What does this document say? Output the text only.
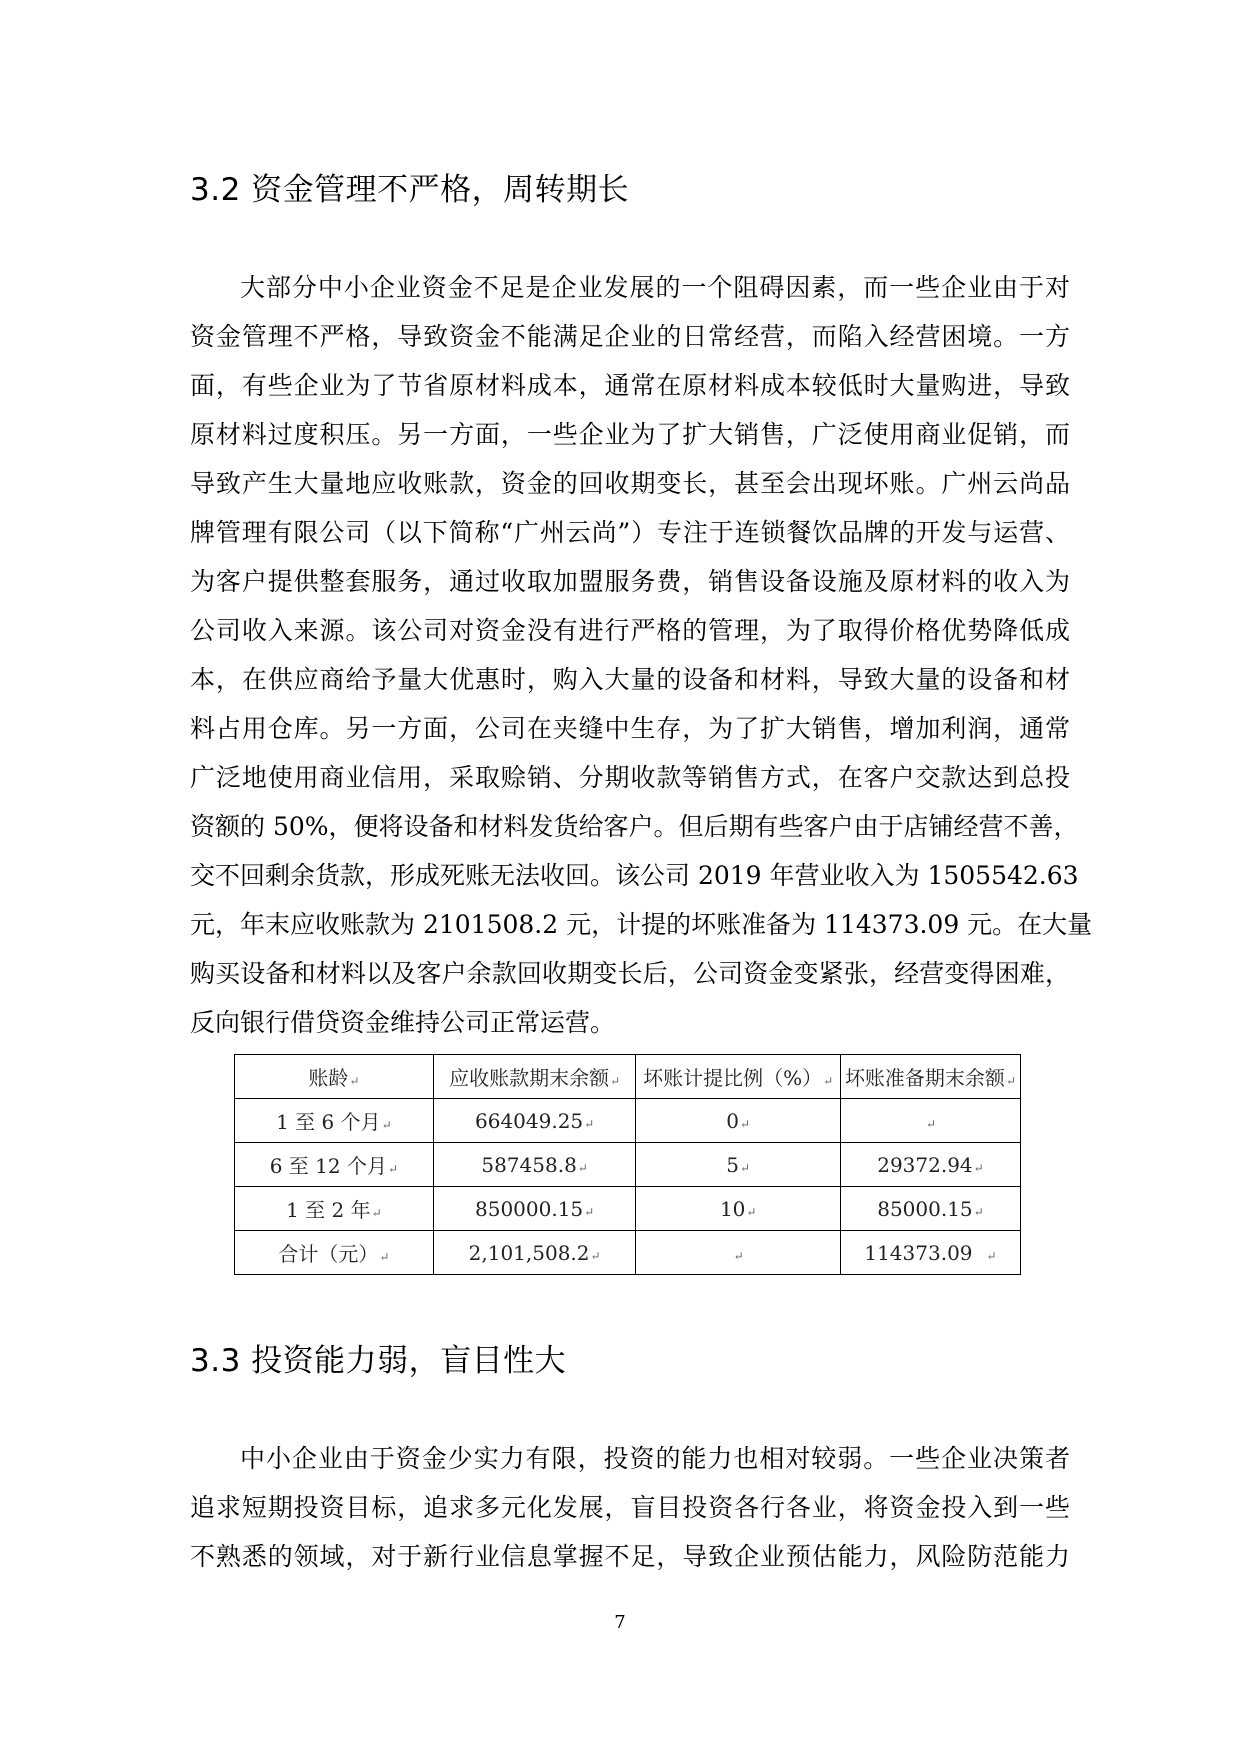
3.2 资金管理不严格，周转期长
大部分中小企业资金不足是企业发展的一个阻碍因素，而一些企业由于对
资金管理不严格，导致资金不能满足企业的日常经营，而陷入经营困境。一方
面，有些企业为了节省原材料成本，通常在原材料成本较低时大量购进，导致
原材料过度积压。另一方面，一些企业为了扩大销售，广泛使用商业促销，而
导致产生大量地应收账款，资金的回收期变长，甚至会出现坏账。广州云尚品
牌管理有限公司（以下简称“广州云尚”）专注于连锁餐饮品牌的开发与运营、
为客户提供整套服务，通过收取加盟服务费，销售设备设施及原材料的收入为
公司收入来源。该公司对资金没有进行严格的管理，为了取得价格优势降低成
本，在供应商给予量大优惠时，购入大量的设备和材料，导致大量的设备和材
料占用仓库。另一方面，公司在夹缝中生存，为了扩大销售，增加利润，通常
广泛地使用商业信用，采取赊销、分期收款等销售方式，在客户交款达到总投
资额的 50%，便将设备和材料发货给客户。但后期有些客户由于店铺经营不善，
交不回剩余货款，形成死账无法收回。该公司 2019 年营业收入为 1505542.63
元，年末应收账款为 2101508.2 元，计提的坏账准备为 114373.09 元。在大量
购买设备和材料以及客户余款回收期变长后，公司资金变紧张，经营变得困难，
反向银行借贷资金维持公司正常运营。
账龄↵	应收账款期末余额↵	坏账计提比例（%）↵	坏账准备期末余额↵
1 至 6 个月↵	664049.25↵	0↵	↵
6 至 12 个月↵	587458.8↵	5↵	29372.94↵
1 至 2 年↵	850000.15↵	10↵	85000.15↵
合计（元）↵	2,101,508.2↵	↵	114373.09 ↵
3.3 投资能力弱，盲目性大
中小企业由于资金少实力有限，投资的能力也相对较弱。一些企业决策者
追求短期投资目标，追求多元化发展，盲目投资各行各业，将资金投入到一些
不熟悉的领域，对于新行业信息掌握不足，导致企业预估能力，风险防范能力
7
